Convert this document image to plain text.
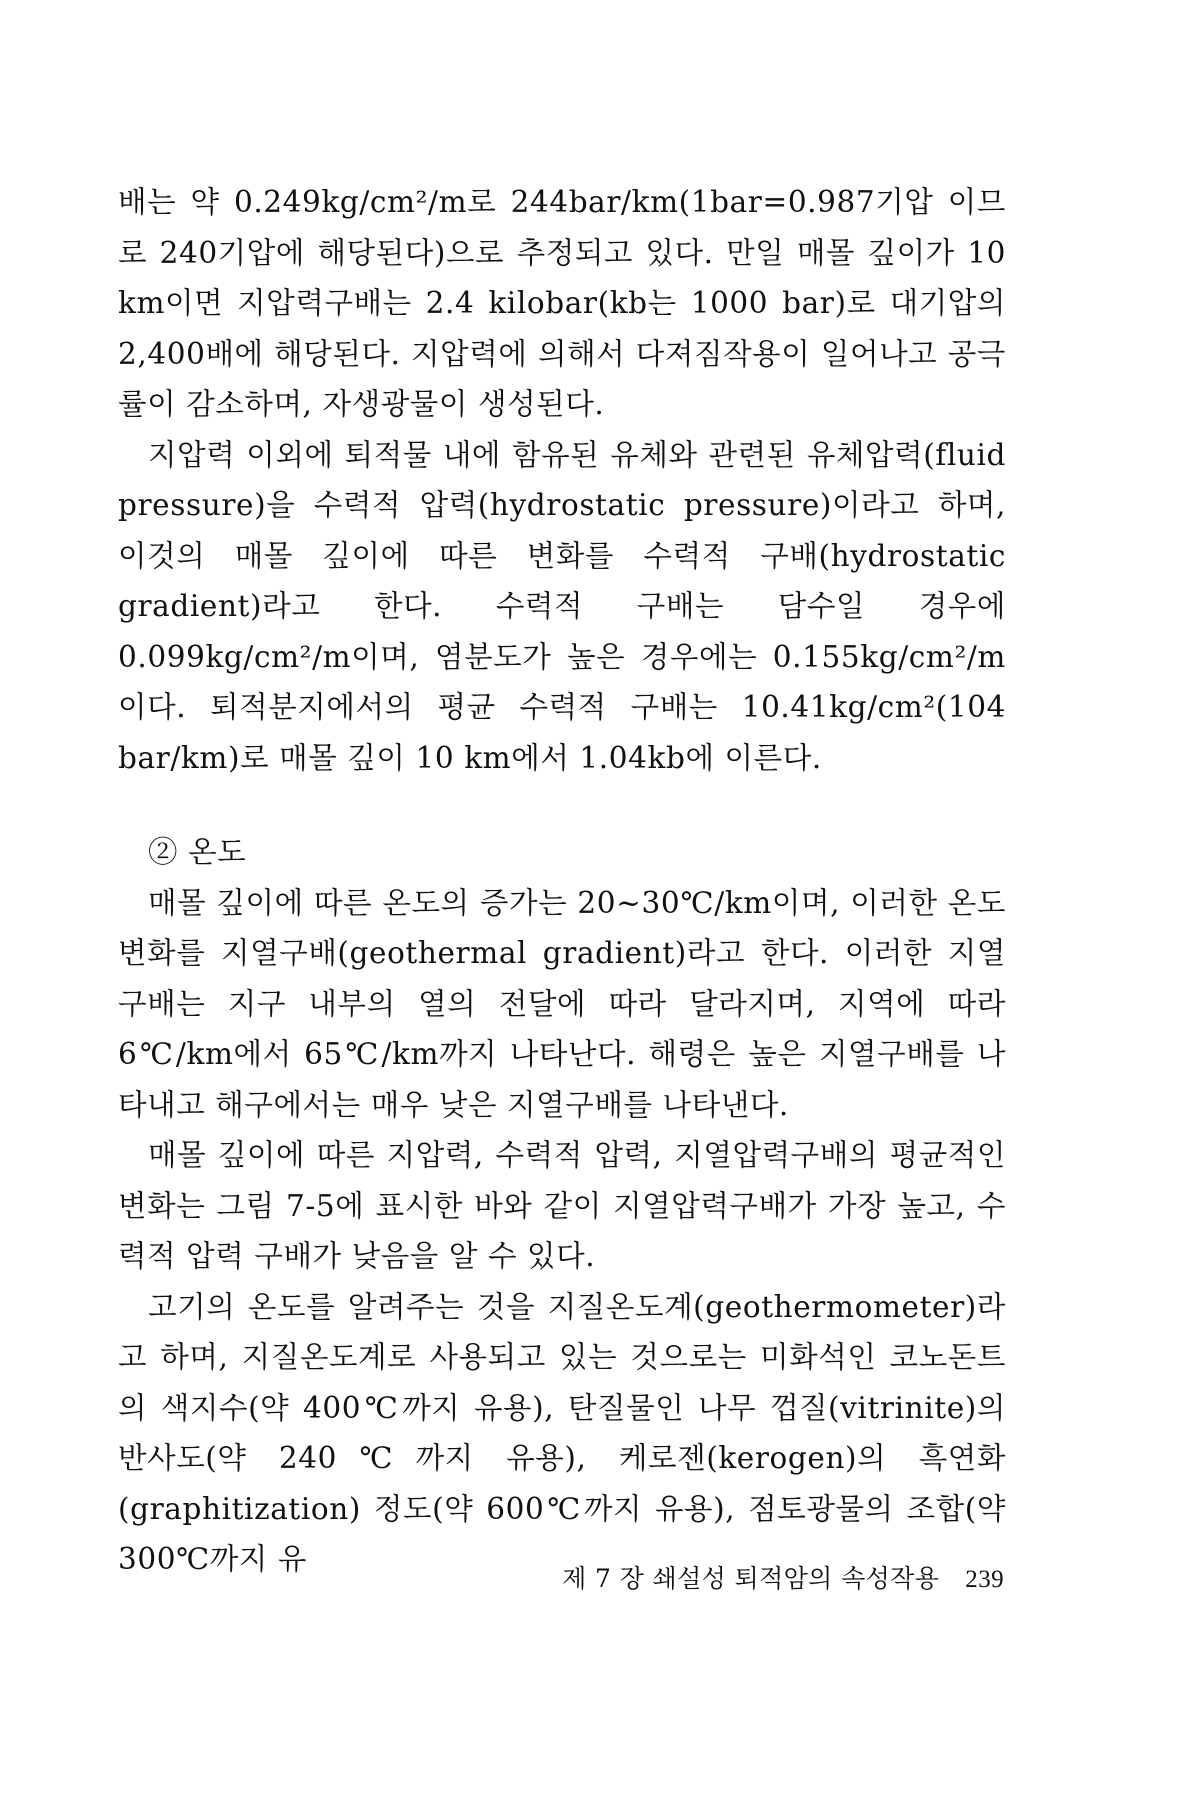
배는 약 0.249kg/cm²/m로 244bar/km(1bar=0.987기압 이므로 240기압에 해당된다)으로 추정되고 있다. 만일 매몰 깊이가 10 km이면 지압력구배는 2.4 kilobar(kb는 1000 bar)로 대기압의 2,400배에 해당된다. 지압력에 의해서 다져짐작용이 일어나고 공극률이 감소하며, 자생광물이 생성된다.

지압력 이외에 퇴적물 내에 함유된 유체와 관련된 유체압력(fluid pressure)을 수력적 압력(hydrostatic pressure)이라고 하며, 이것의 매몰 깊이에 따른 변화를 수력적 구배(hydrostatic gradient)라고 한다. 수력적 구배는 담수일 경우에 0.099kg/cm²/m이며, 염분도가 높은 경우에는 0.155kg/cm²/m이다. 퇴적분지에서의 평균 수력적 구배는 10.41kg/cm²(104 bar/km)로 매몰 깊이 10 km에서 1.04kb에 이른다.

② 온도

매몰 깊이에 따른 온도의 증가는 20~30℃/km이며, 이러한 온도 변화를 지열구배(geothermal gradient)라고 한다. 이러한 지열구배는 지구 내부의 열의 전달에 따라 달라지며, 지역에 따라 6℃/km에서 65℃/km까지 나타난다. 해령은 높은 지열구배를 나타내고 해구에서는 매우 낮은 지열구배를 나타낸다.

매몰 깊이에 따른 지압력, 수력적 압력, 지열압력구배의 평균적인 변화는 그림 7-5에 표시한 바와 같이 지열압력구배가 가장 높고, 수력적 압력 구배가 낮음을 알 수 있다.

고기의 온도를 알려주는 것을 지질온도계(geothermometer)라고 하며, 지질온도계로 사용되고 있는 것으로는 미화석인 코노돈트의 색지수(약 400℃까지 유용), 탄질물인 나무 껍질(vitrinite)의 반사도(약 240℃까지 유용), 케로젠(kerogen)의 흑연화(graphitization) 정도(약 600℃까지 유용), 점토광물의 조합(약 300℃까지 유

제 7 장 쇄설성 퇴적암의 속성작용 239
